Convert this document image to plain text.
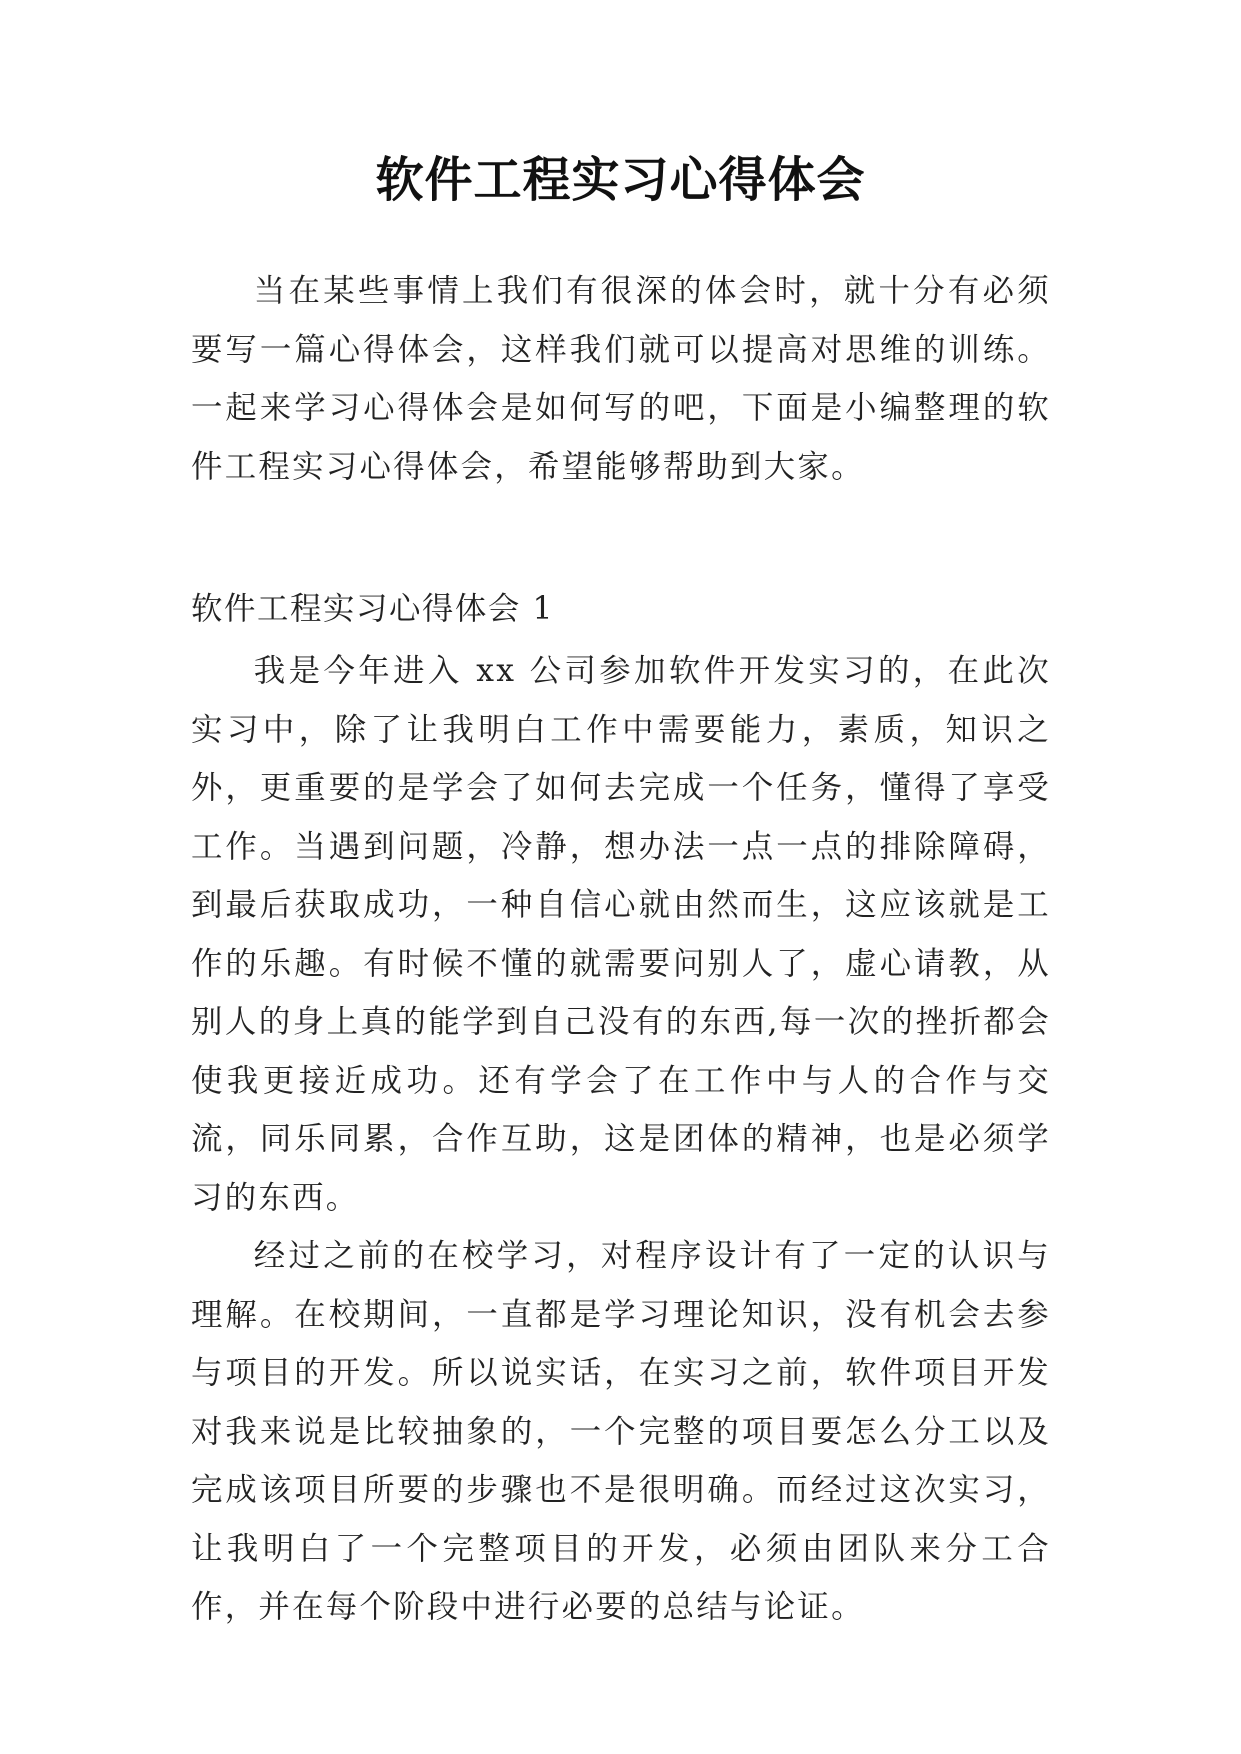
软件工程实习心得体会

当在某些事情上我们有很深的体会时，就十分有必须要写一篇心得体会，这样我们就可以提高对思维的训练。一起来学习心得体会是如何写的吧，下面是小编整理的软件工程实习心得体会，希望能够帮助到大家。

软件工程实习心得体会 1

我是今年进入 xx 公司参加软件开发实习的，在此次实习中，除了让我明白工作中需要能力，素质，知识之外，更重要的是学会了如何去完成一个任务，懂得了享受工作。当遇到问题，冷静，想办法一点一点的排除障碍，到最后获取成功，一种自信心就由然而生，这应该就是工作的乐趣。有时候不懂的就需要问别人了，虚心请教，从别人的身上真的能学到自己没有的东西,每一次的挫折都会使我更接近成功。还有学会了在工作中与人的合作与交流，同乐同累，合作互助，这是团体的精神，也是必须学习的东西。

经过之前的在校学习，对程序设计有了一定的认识与理解。在校期间，一直都是学习理论知识，没有机会去参与项目的开发。所以说实话，在实习之前，软件项目开发对我来说是比较抽象的，一个完整的项目要怎么分工以及完成该项目所要的步骤也不是很明确。而经过这次实习，让我明白了一个完整项目的开发，必须由团队来分工合作，并在每个阶段中进行必要的总结与论证。
